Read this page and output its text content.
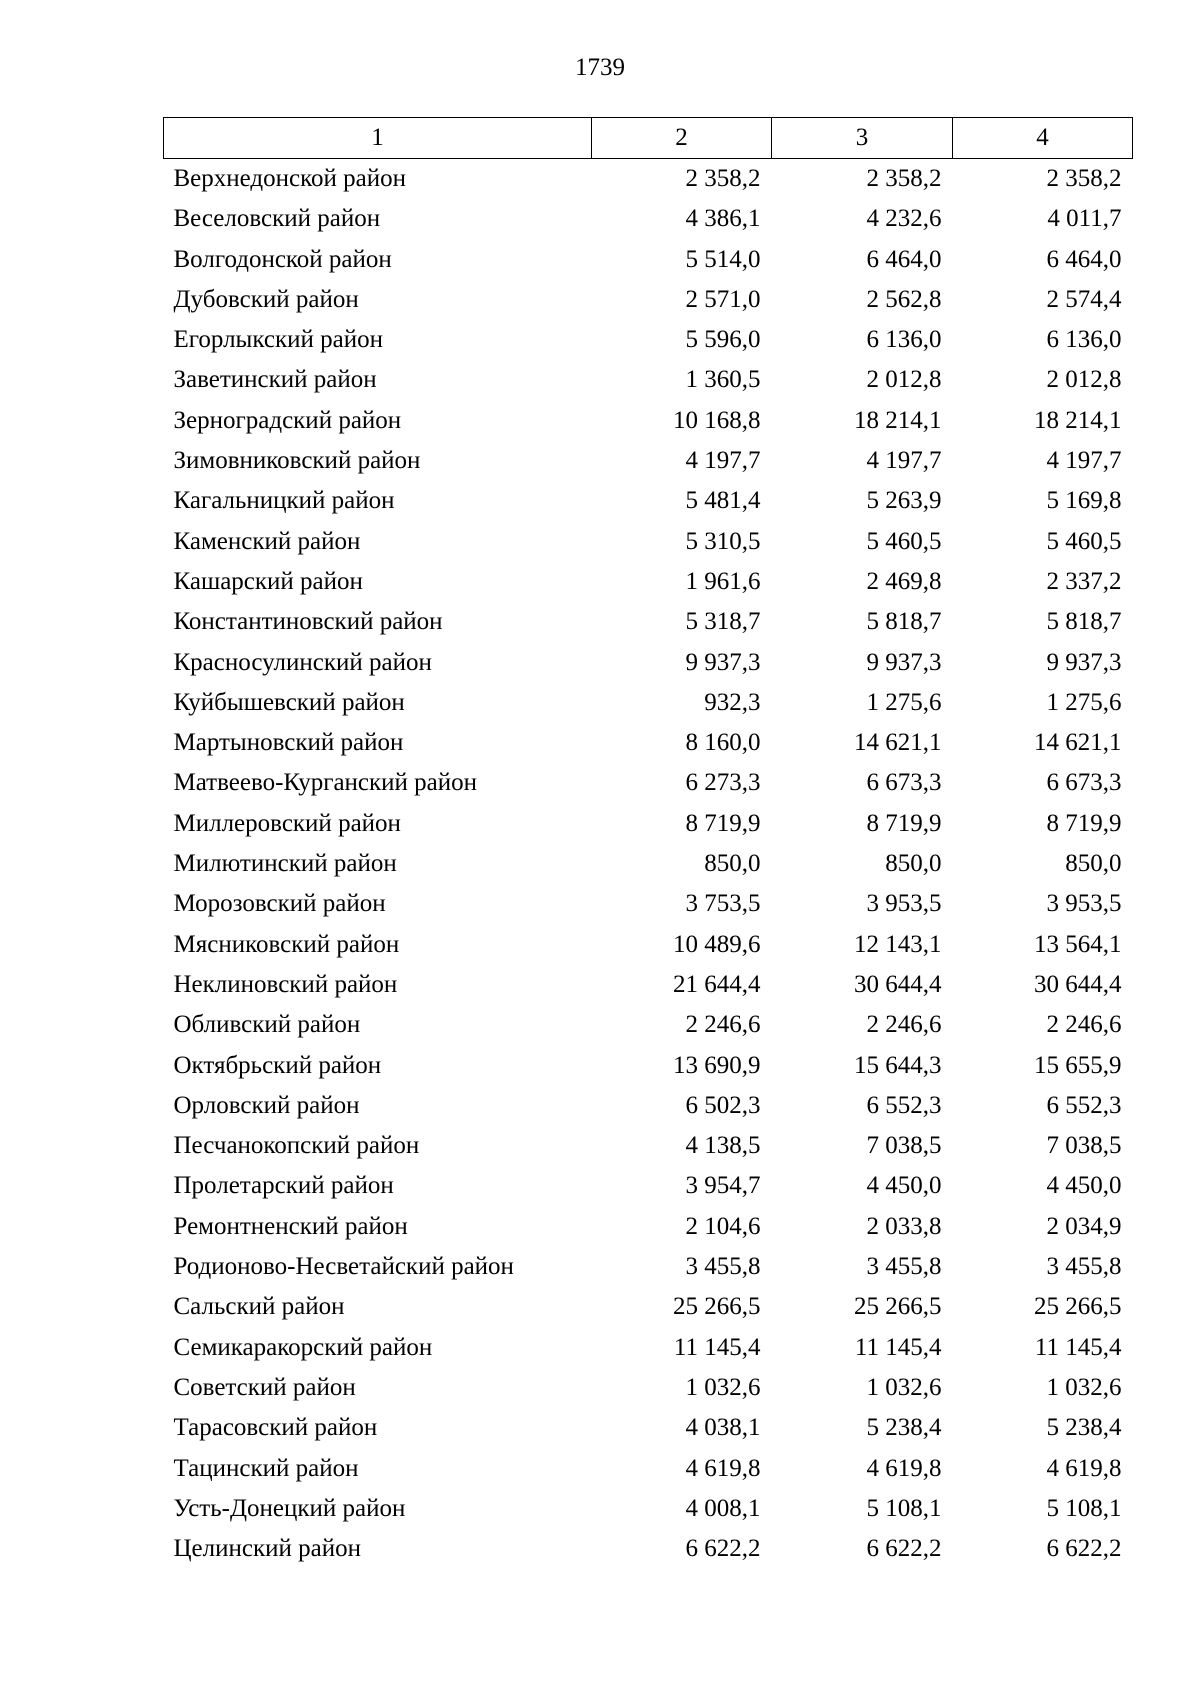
1739
1	2	3	4
Верхнедонской район	2 358,2	2 358,2	2 358,2
Веселовский район	4 386,1	4 232,6	4 011,7
Волгодонской район	5 514,0	6 464,0	6 464,0
Дубовский район	2 571,0	2 562,8	2 574,4
Егорлыкский район	5 596,0	6 136,0	6 136,0
Заветинский район	1 360,5	2 012,8	2 012,8
Зерноградский район	10 168,8	18 214,1	18 214,1
Зимовниковский район	4 197,7	4 197,7	4 197,7
Кагальницкий район	5 481,4	5 263,9	5 169,8
Каменский район	5 310,5	5 460,5	5 460,5
Кашарский район	1 961,6	2 469,8	2 337,2
Константиновский район	5 318,7	5 818,7	5 818,7
Красносулинский район	9 937,3	9 937,3	9 937,3
Куйбышевский район	932,3	1 275,6	1 275,6
Мартыновский район	8 160,0	14 621,1	14 621,1
Матвеево-Курганский район	6 273,3	6 673,3	6 673,3
Миллеровский район	8 719,9	8 719,9	8 719,9
Милютинский район	850,0	850,0	850,0
Морозовский район	3 753,5	3 953,5	3 953,5
Мясниковский район	10 489,6	12 143,1	13 564,1
Неклиновский район	21 644,4	30 644,4	30 644,4
Обливский район	2 246,6	2 246,6	2 246,6
Октябрьский район	13 690,9	15 644,3	15 655,9
Орловский район	6 502,3	6 552,3	6 552,3
Песчанокопский район	4 138,5	7 038,5	7 038,5
Пролетарский район	3 954,7	4 450,0	4 450,0
Ремонтненский район	2 104,6	2 033,8	2 034,9
Родионово-Несветайский район	3 455,8	3 455,8	3 455,8
Сальский район	25 266,5	25 266,5	25 266,5
Семикаракорский район	11 145,4	11 145,4	11 145,4
Советский район	1 032,6	1 032,6	1 032,6
Тарасовский район	4 038,1	5 238,4	5 238,4
Тацинский район	4 619,8	4 619,8	4 619,8
Усть-Донецкий район	4 008,1	5 108,1	5 108,1
Целинский район	6 622,2	6 622,2	6 622,2
